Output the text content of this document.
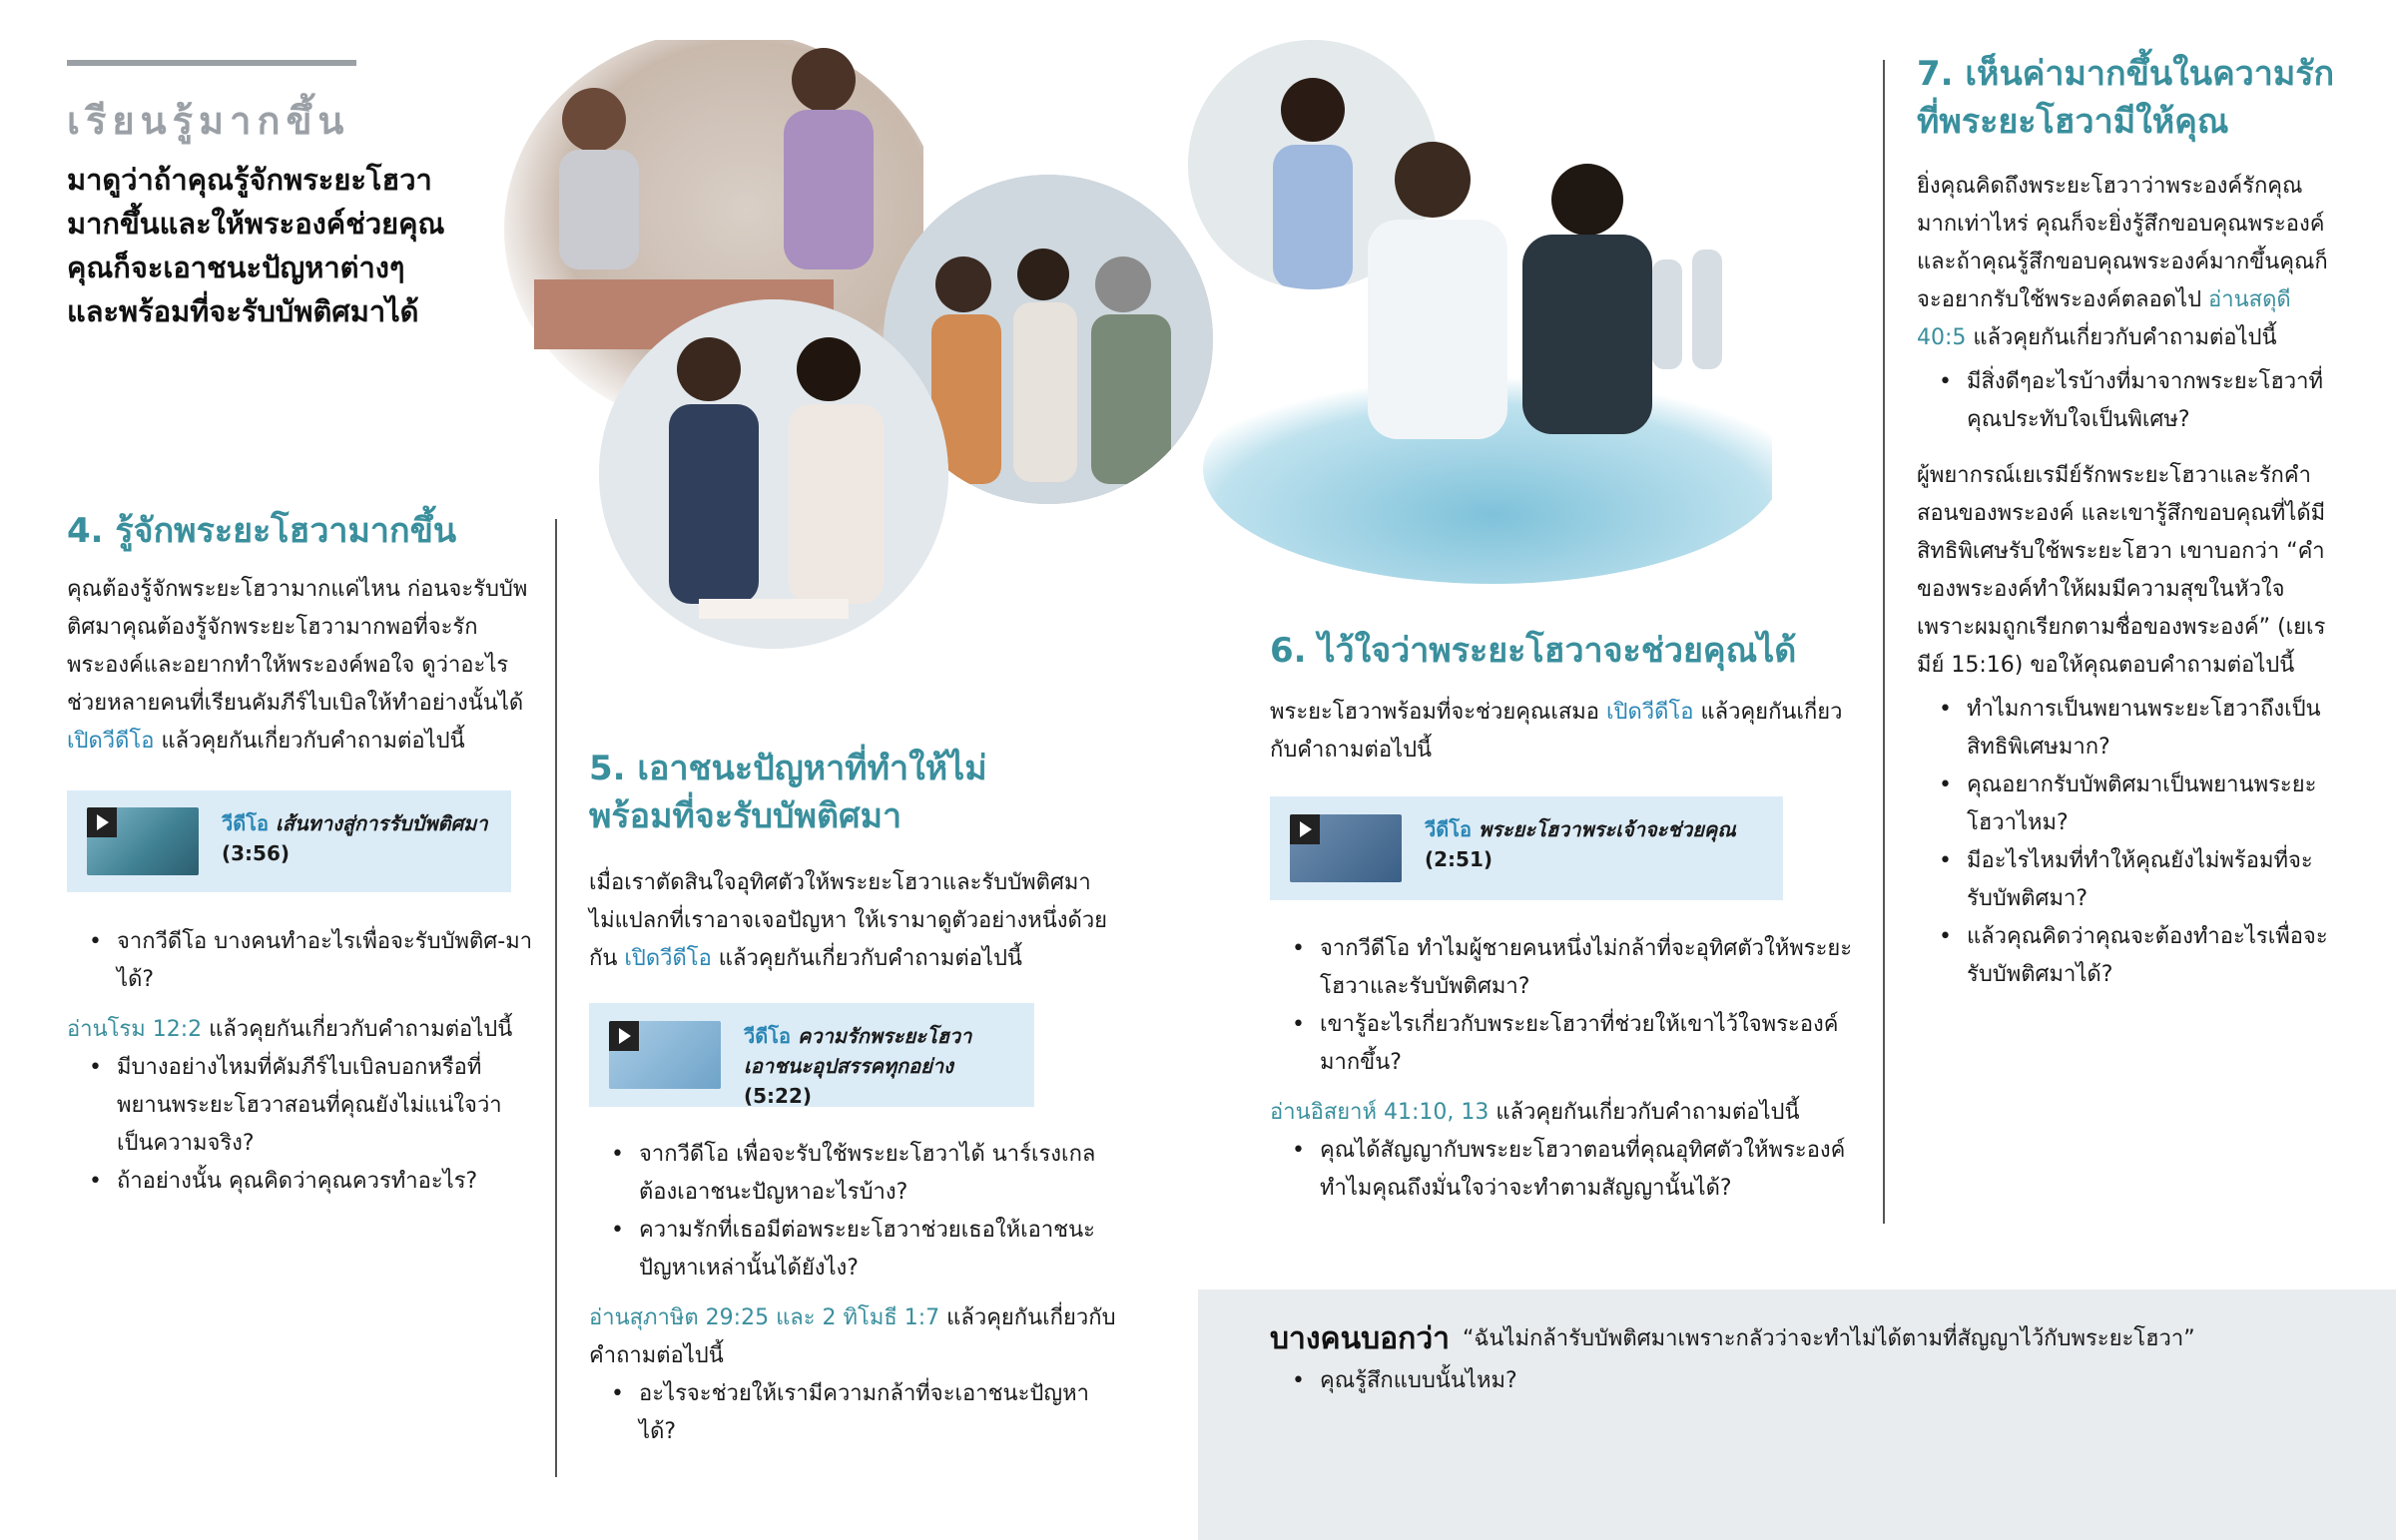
เรียนรู้มากขึ้น

มาดูว่าถ้าคุณรู้จักพระยะโฮวามากขึ้นและให้พระองค์ช่วยคุณคุณก็จะเอาชนะปัญหาต่างๆ และพร้อมที่จะรับบัพติศมาได้

4. รู้จักพระยะโฮวามากขึ้น

คุณต้องรู้จักพระยะโฮวามากแค่ไหน ก่อนจะรับบัพติศมาคุณต้องรู้จักพระยะโฮวามากพอที่จะรักพระองค์และอยากทำให้พระองค์พอใจ ดูว่าอะไรช่วยหลายคนที่เรียนคัมภีร์ไบเบิลให้ทำอย่างนั้นได้ เปิดวีดีโอ แล้วคุยกันเกี่ยวกับคำถามต่อไปนี้

วีดีโอ เส้นทางสู่การรับบัพติศมา
(3:56)
• จากวีดีโอ บางคนทำอะไรเพื่อจะรับบัพติศ-มาได้?

อ่านโรม 12:2 แล้วคุยกันเกี่ยวกับคำถามต่อไปนี้

• มีบางอย่างไหมที่คัมภีร์ไบเบิลบอกหรือที่พยานพระยะโฮวาสอนที่คุณยังไม่แน่ใจว่าเป็นความจริง?
• ถ้าอย่างนั้น คุณคิดว่าคุณควรทำอะไร?
5. เอาชนะปัญหาที่ทำให้ไม่พร้อมที่จะรับบัพติศมา

เมื่อเราตัดสินใจอุทิศตัวให้พระยะโฮวาและรับบัพติศมา ไม่แปลกที่เราอาจเจอปัญหา ให้เรามาดูตัวอย่างหนึ่งด้วยกัน เปิดวีดีโอ แล้วคุยกันเกี่ยวกับคำถามต่อไปนี้

วีดีโอ ความรักพระยะโฮวาเอาชนะอุปสรรคทุกอย่าง (5:22)
• จากวีดีโอ เพื่อจะรับใช้พระยะโฮวาได้ นาร์เรงเกลต้องเอาชนะปัญหาอะไรบ้าง?
• ความรักที่เธอมีต่อพระยะโฮวาช่วยเธอให้เอาชนะปัญหาเหล่านั้นได้ยังไง?

อ่านสุภาษิต 29:25 และ 2 ทิโมธี 1:7 แล้วคุยกันเกี่ยวกับคำถามต่อไปนี้

• อะไรจะช่วยให้เรามีความกล้าที่จะเอาชนะปัญหาได้?
6. ไว้ใจว่าพระยะโฮวาจะช่วยคุณได้

พระยะโฮวาพร้อมที่จะช่วยคุณเสมอ เปิดวีดีโอ แล้วคุยกันเกี่ยวกับคำถามต่อไปนี้

วีดีโอ พระยะโฮวาพระเจ้าจะช่วยคุณ
(2:51)
• จากวีดีโอ ทำไมผู้ชายคนหนึ่งไม่กล้าที่จะอุทิศตัวให้พระยะโฮวาและรับบัพติศมา?
• เขารู้อะไรเกี่ยวกับพระยะโฮวาที่ช่วยให้เขาไว้ใจพระองค์มากขึ้น?

อ่านอิสยาห์ 41:10, 13 แล้วคุยกันเกี่ยวกับคำถามต่อไปนี้

• คุณได้สัญญากับพระยะโฮวาตอนที่คุณอุทิศตัวให้พระองค์ ทำไมคุณถึงมั่นใจว่าจะทำตามสัญญานั้นได้?
7. เห็นค่ามากขึ้นในความรักที่พระยะโฮวามีให้คุณ

ยิ่งคุณคิดถึงพระยะโฮวาว่าพระองค์รักคุณมากเท่าไหร่ คุณก็จะยิ่งรู้สึกขอบคุณพระองค์ และถ้าคุณรู้สึกขอบคุณพระองค์มากขึ้นคุณก็จะอยากรับใช้พระองค์ตลอดไป อ่านสดุดี 40:5 แล้วคุยกันเกี่ยวกับคำถามต่อไปนี้

• มีสิ่งดีๆอะไรบ้างที่มาจากพระยะโฮวาที่คุณประทับใจเป็นพิเศษ?

ผู้พยากรณ์เยเรมีย์รักพระยะโฮวาและรักคำสอนของพระองค์ และเขารู้สึกขอบคุณที่ได้มีสิทธิพิเศษรับใช้พระยะโฮวา เขาบอกว่า “คำของพระองค์ทำให้ผมมีความสุขในหัวใจเพราะผมถูกเรียกตามชื่อของพระองค์” (เยเรมีย์ 15:16) ขอให้คุณตอบคำถามต่อไปนี้

• ทำไมการเป็นพยานพระยะโฮวาถึงเป็นสิทธิพิเศษมาก?
• คุณอยากรับบัพติศมาเป็นพยานพระยะโฮวาไหม?
• มีอะไรไหมที่ทำให้คุณยังไม่พร้อมที่จะรับบัพติศมา?
• แล้วคุณคิดว่าคุณจะต้องทำอะไรเพื่อจะรับบัพติศมาได้?
บางคนบอกว่า “ฉันไม่กล้ารับบัพติศมาเพราะกลัวว่าจะทำไม่ได้ตามที่สัญญาไว้กับพระยะโฮวา”
• คุณรู้สึกแบบนั้นไหม?
